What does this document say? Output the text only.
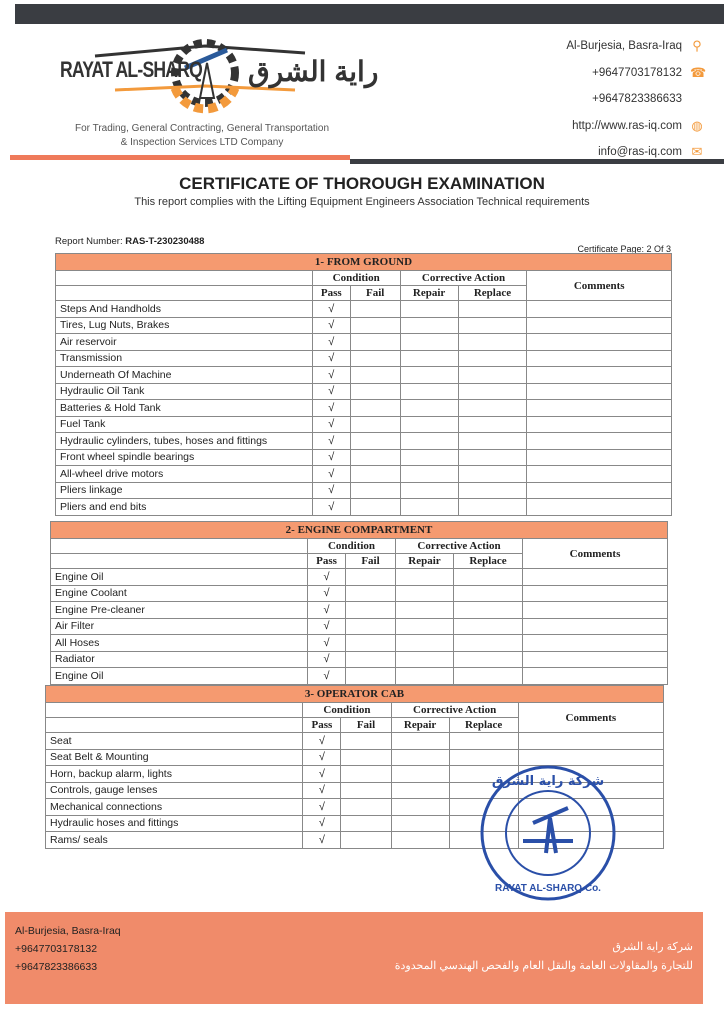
RAYAT AL-SHARQ راية الشرق
For Trading, General Contracting, General Transportation
& Inspection Services LTD Company
Al-Burjesia, Basra-Iraq ⚲
+9647703178132 ☎
+9647823386633
http://www.ras-iq.com ◍
info@ras-iq.com ✉
CERTIFICATE OF THOROUGH EXAMINATION
This report complies with the Lifting Equipment Engineers Association Technical requirements
Report Number: RAS-T-230230488
Certificate Page: 2 Of 3
1- FROM GROUND					
	Condition		Corrective Action		Comments
	Pass	Fail	Repair	Replace	
Steps And Handholds	√				
Tires, Lug Nuts, Brakes	√				
Air reservoir	√				
Transmission	√				
Underneath Of Machine	√				
Hydraulic Oil Tank	√				
Batteries & Hold Tank	√				
Fuel Tank	√				
Hydraulic cylinders, tubes, hoses and fittings	√				
Front wheel spindle bearings	√				
All-wheel drive motors	√				
Pliers linkage	√				
Pliers and end bits	√				
2- ENGINE COMPARTMENT					
	Condition		Corrective Action		Comments
	Pass	Fail	Repair	Replace	
Engine Oil	√				
Engine Coolant	√				
Engine Pre-cleaner	√				
Air Filter	√				
All Hoses	√				
Radiator	√				
Engine Oil	√				
3- OPERATOR CAB					
	Condition		Corrective Action		Comments
	Pass	Fail	Repair	Replace	
Seat	√				
Seat Belt & Mounting	√				
Horn, backup alarm, lights	√				
Controls, gauge lenses	√				
Mechanical connections	√				
Hydraulic hoses and fittings	√				
Rams/ seals	√				
شركة راية الشرق
RAYAT AL-SHARQ Co.
Al-Burjesia, Basra-Iraq
+9647703178132
+9647823386633
شركة راية الشرق
للتجارة والمقاولات العامة والنقل العام والفحص الهندسي المحدودة
